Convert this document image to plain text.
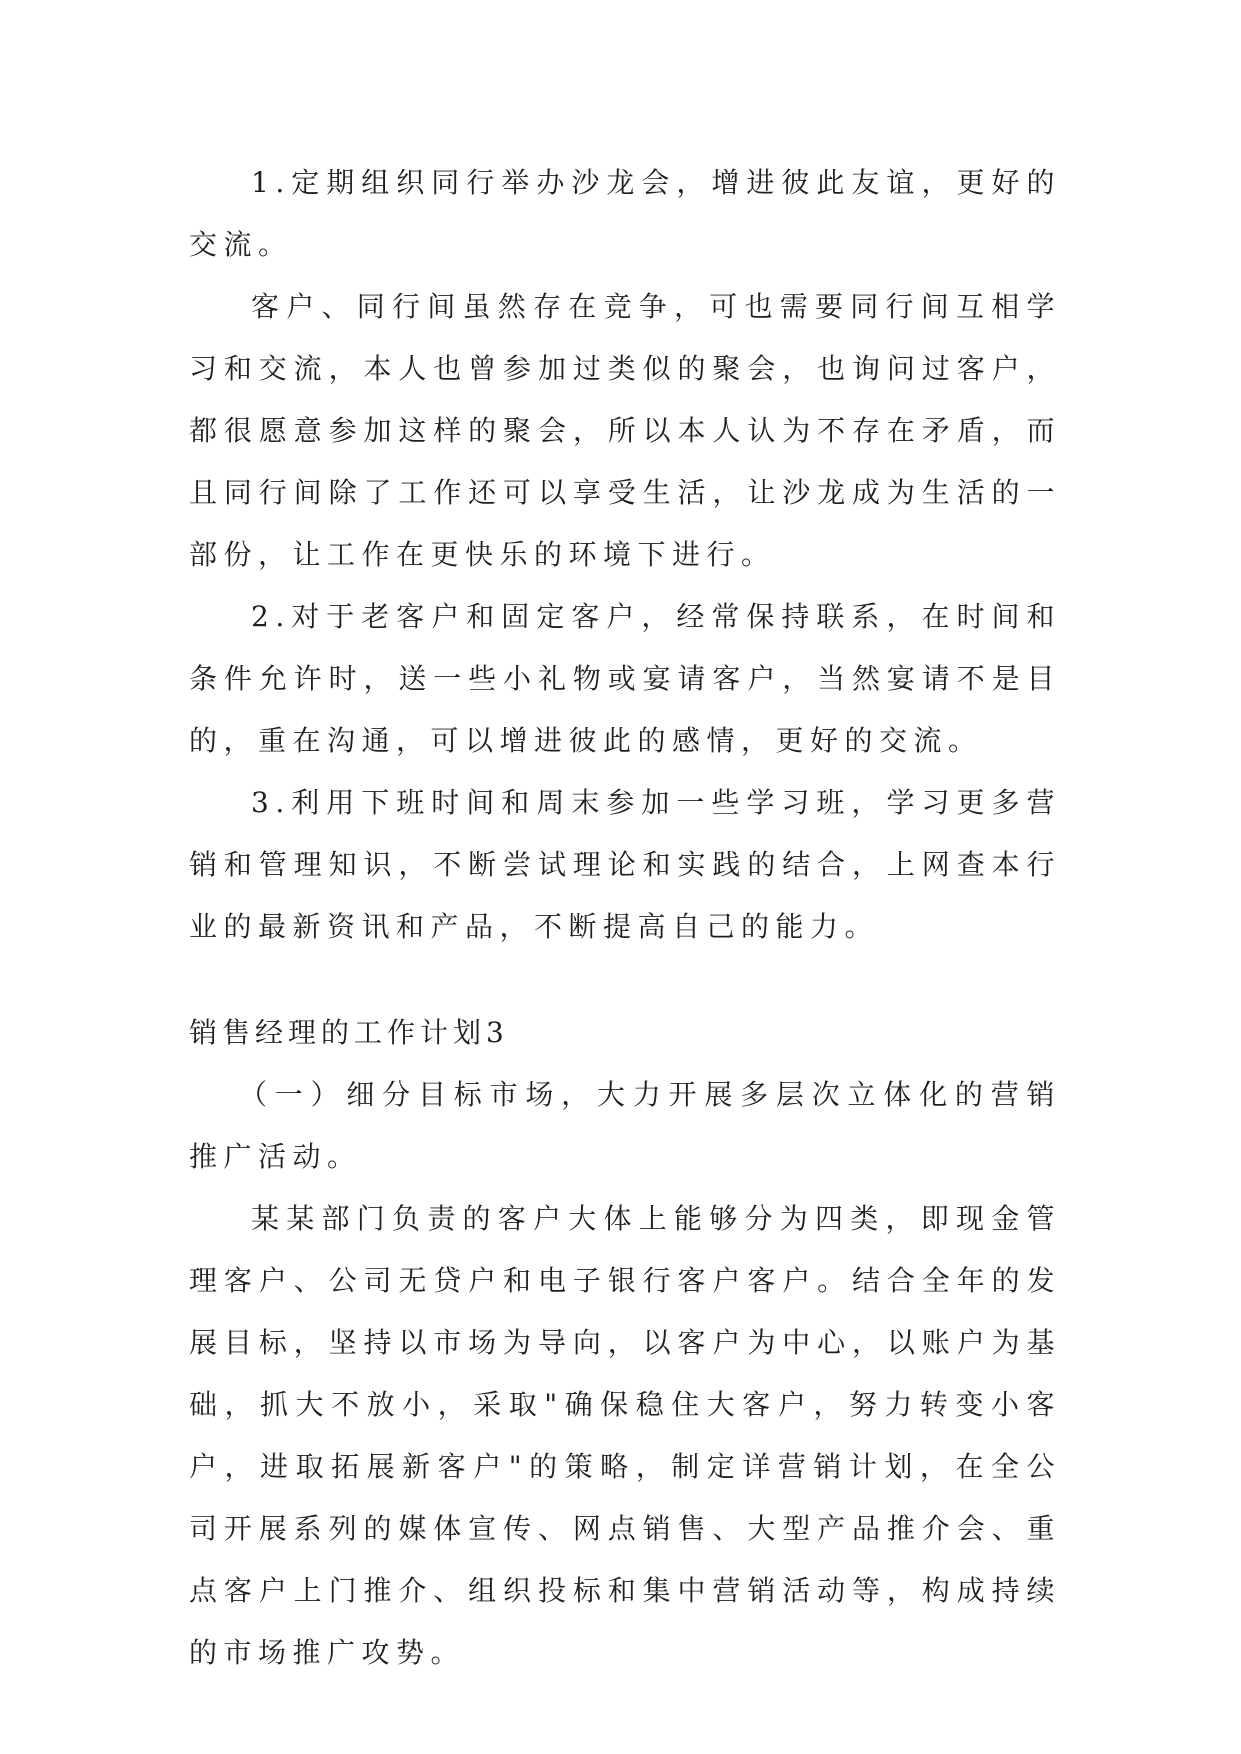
1.定期组织同行举办沙龙会，增进彼此友谊，更好的交流。

客户、同行间虽然存在竞争，可也需要同行间互相学习和交流，本人也曾参加过类似的聚会，也询问过客户，都很愿意参加这样的聚会，所以本人认为不存在矛盾，而且同行间除了工作还可以享受生活，让沙龙成为生活的一部份，让工作在更快乐的环境下进行。

2.对于老客户和固定客户，经常保持联系，在时间和条件允许时，送一些小礼物或宴请客户，当然宴请不是目的，重在沟通，可以增进彼此的感情，更好的交流。

3.利用下班时间和周末参加一些学习班，学习更多营销和管理知识，不断尝试理论和实践的结合，上网查本行业的最新资讯和产品，不断提高自己的能力。

销售经理的工作计划3

（一）细分目标市场，大力开展多层次立体化的营销推广活动。

某某部门负责的客户大体上能够分为四类，即现金管理客户、公司无贷户和电子银行客户客户。结合全年的发展目标，坚持以市场为导向，以客户为中心，以账户为基础，抓大不放小，采取"确保稳住大客户，努力转变小客户，进取拓展新客户"的策略，制定详营销计划，在全公司开展系列的媒体宣传、网点销售、大型产品推介会、重点客户上门推介、组织投标和集中营销活动等，构成持续的市场推广攻势。
